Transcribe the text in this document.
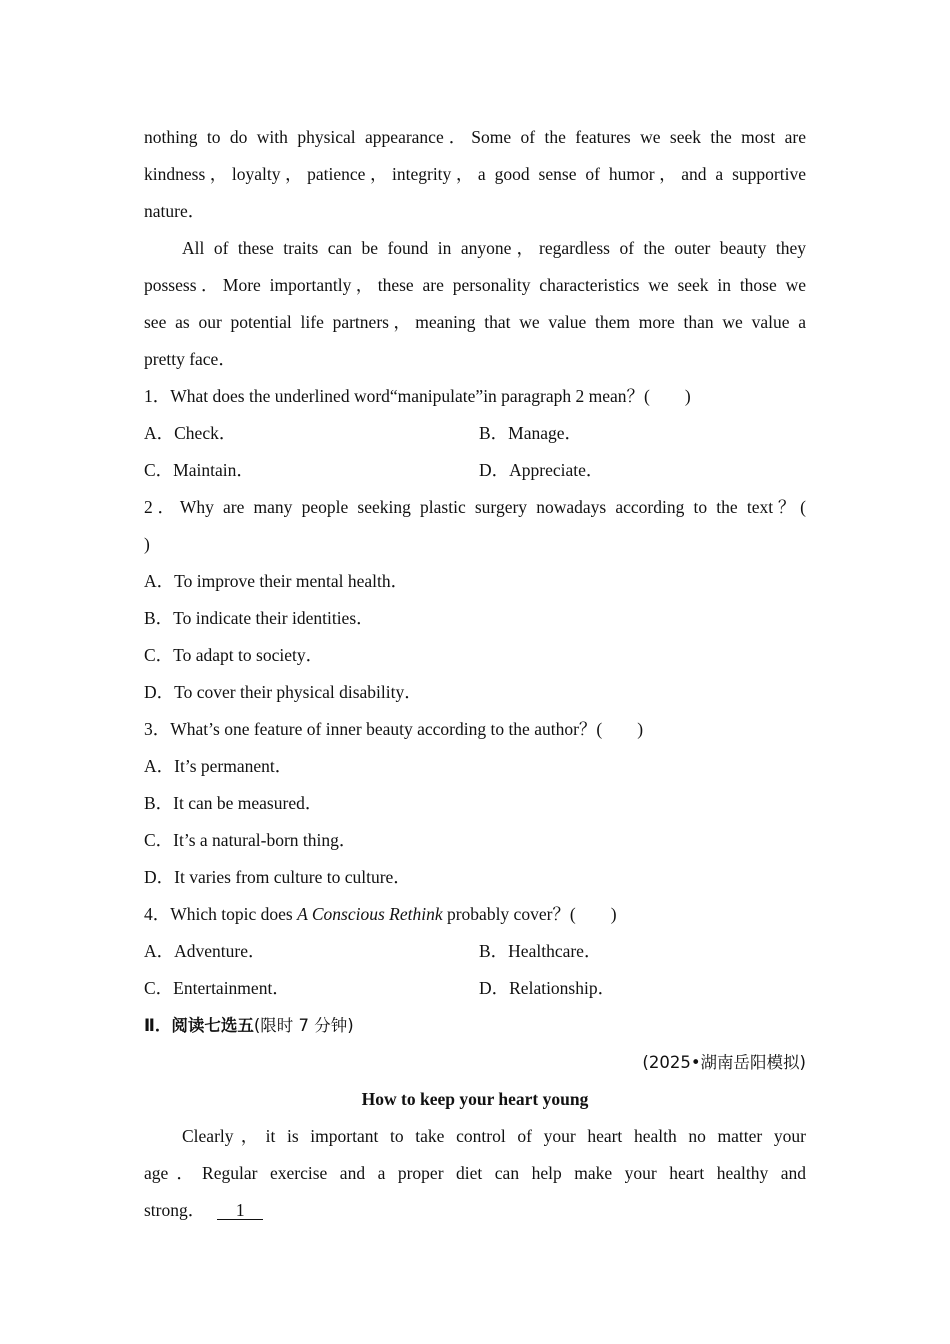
nothing to do with physical appearance．Some of the features we seek the most are
kindness，loyalty，patience，integrity，a good sense of humor，and a supportive
nature．
All of these traits can be found in anyone，regardless of the outer beauty they
possess．More importantly，these are personality characteristics we seek in those we
see as our potential life partners，meaning that we value them more than we value a
pretty face．
1．What does the underlined word“manipulate”in paragraph 2 mean？(　　)
A．Check．	B．Manage．
C．Maintain．	D．Appreciate．
2．Why are many people seeking plastic surgery nowadays according to the text？(
)
A．To improve their mental health．
B．To indicate their identities．
C．To adapt to society．
D．To cover their physical disability．
3．What’s one feature of inner beauty according to the author？(　　)
A．It’s permanent．
B．It can be measured．
C．It’s a natural-born thing．
D．It varies from culture to culture．
4．Which topic does A Conscious Rethink probably cover？(　　)
A．Adventure．	B．Healthcare．
C．Entertainment．	D．Relationship．
Ⅱ．阅读七选五(限时 7 分钟)
(2025•湖南岳阳模拟)
How to keep your heart young
Clearly，it is important to take control of your heart health no matter your
age．Regular exercise and a proper diet can help make your heart healthy and
strong． 1
